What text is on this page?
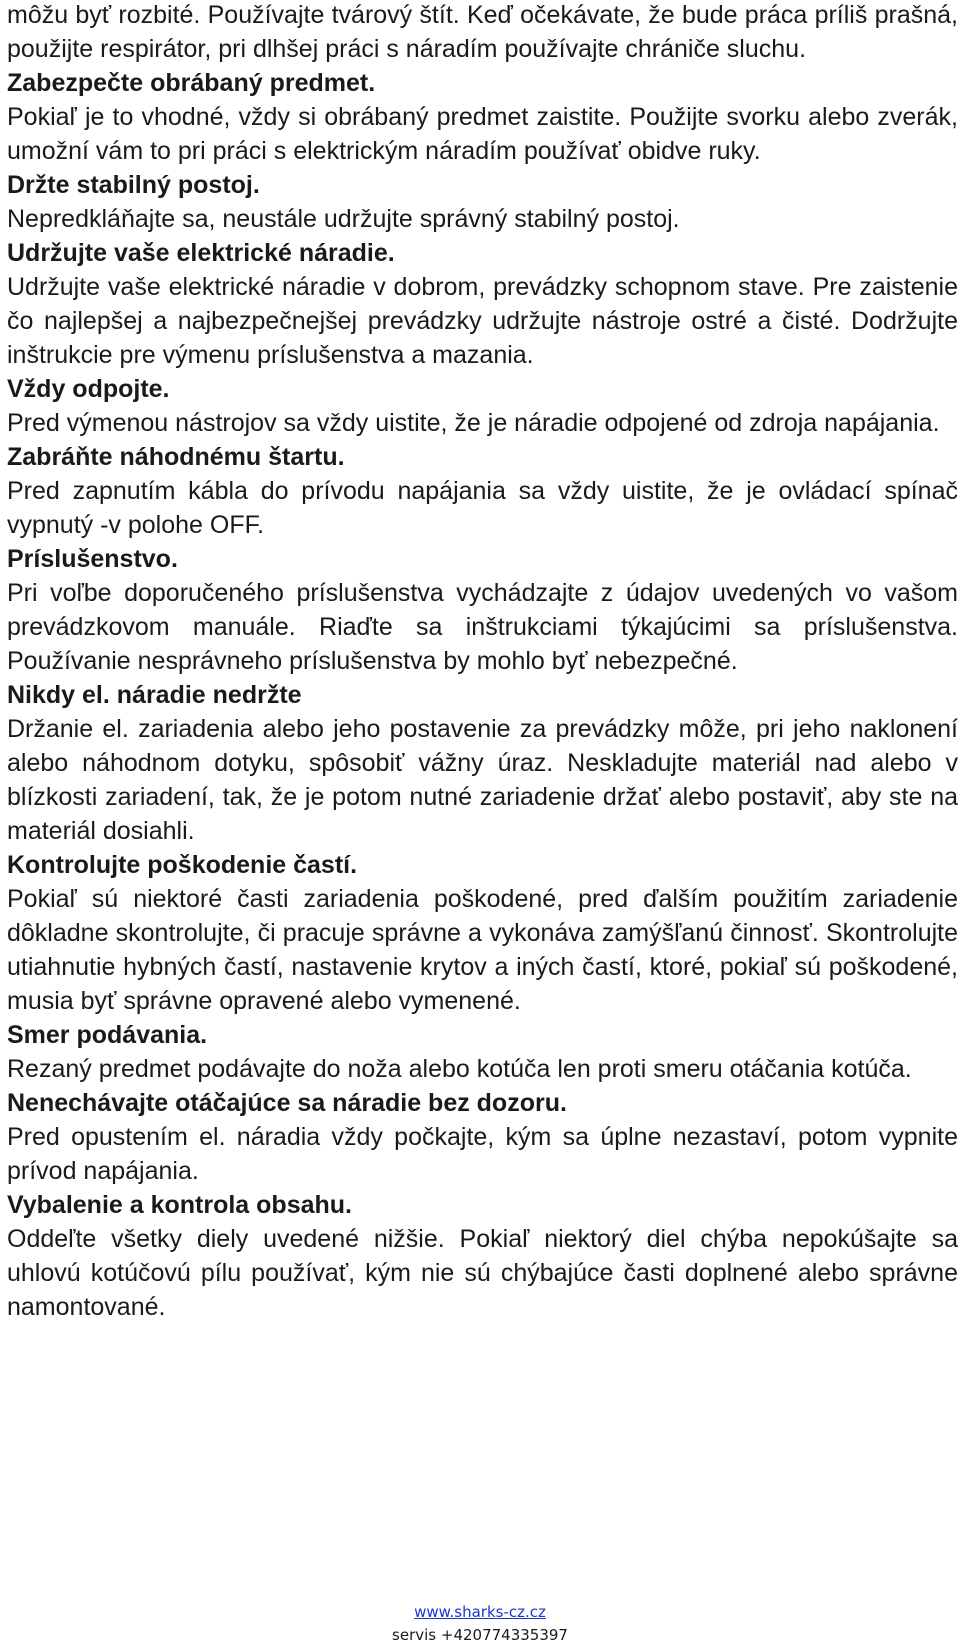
môžu byť rozbité. Používajte tvárový štít. Keď očekávate, že bude práca príliš prašná, použijte respirátor, pri dlhšej práci s náradím používajte chrániče sluchu.

Zabezpečte obrábaný predmet.

Pokiaľ je to vhodné, vždy si obrábaný predmet zaistite. Použijte svorku alebo zverák, umožní vám to pri práci s elektrickým náradím používať obidve ruky.

Držte stabilný postoj.

Nepredkláňajte sa, neustále udržujte správný stabilný postoj.

Udržujte vaše elektrické náradie.

Udržujte vaše elektrické náradie v dobrom, prevádzky schopnom stave. Pre zaistenie čo najlepšej a najbezpečnejšej prevádzky udržujte nástroje ostré a čisté. Dodržujte inštrukcie pre výmenu príslušenstva a mazania.

Vždy odpojte.

Pred výmenou nástrojov sa vždy uistite, že je náradie odpojené od zdroja napájania.

Zabráňte náhodnému štartu.

Pred zapnutím kábla do prívodu napájania sa vždy uistite, že je ovládací spínač vypnutý -v polohe OFF.

Príslušenstvo.

Pri voľbe doporučeného príslušenstva vychádzajte z údajov uvedených vo vašom prevádzkovom manuále. Riaďte sa inštrukciami týkajúcimi sa príslušenstva. Používanie nesprávneho príslušenstva by mohlo byť nebezpečné.

Nikdy el. náradie nedržte

Držanie el. zariadenia alebo jeho postavenie za prevádzky môže, pri jeho naklonení alebo náhodnom dotyku, spôsobiť vážny úraz. Neskladujte materiál nad alebo v blízkosti zariadení, tak, že je potom nutné zariadenie držať alebo postaviť, aby ste na materiál dosiahli.

Kontrolujte poškodenie častí.

Pokiaľ sú niektoré časti zariadenia poškodené, pred ďalším použitím zariadenie dôkladne skontrolujte, či pracuje správne a vykonáva zamýšľanú činnosť. Skontrolujte utiahnutie hybných častí, nastavenie krytov a iných častí, ktoré, pokiaľ sú poškodené, musia byť správne opravené alebo vymenené.

Smer podávania.

Rezaný predmet podávajte do noža alebo kotúča len proti smeru otáčania kotúča.

Nenechávajte otáčajúce sa náradie bez dozoru.

Pred opustením el. náradia vždy počkajte, kým sa úplne nezastaví, potom vypnite prívod napájania.

Vybalenie a kontrola obsahu.

Oddeľte všetky diely uvedené nižšie. Pokiaľ niektorý diel chýba nepokúšajte sa uhlovú kotúčovú pílu používať, kým nie sú chýbajúce časti doplnené alebo správne namontované.

www.sharks-cz.cz
servis +420774335397
